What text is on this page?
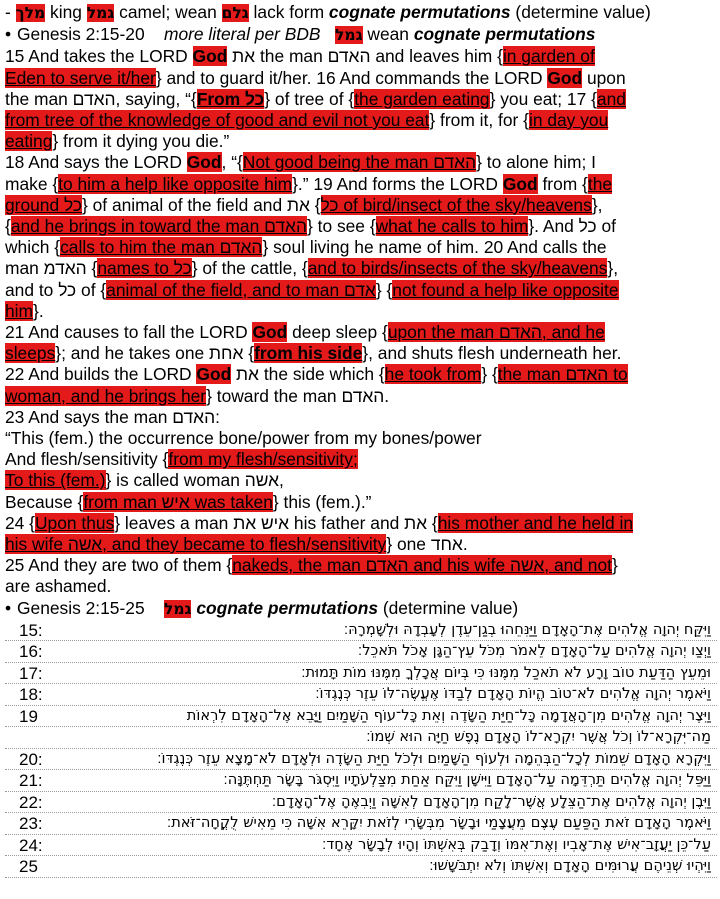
- מלך king גמל camel; wean גלם lack form cognate permutations (determine value)
• Genesis 2:15-20 more literal per BDB גמל wean cognate permutations
15 And takes the LORD God את the man האדם and leaves him {in garden of
Eden to serve it/her} and to guard it/her. 16 And commands the LORD God upon
the man האדם, saying, “{From כל} of tree of {the garden eating} you eat; 17 {and
from tree of the knowledge of good and evil not you eat} from it, for {in day you
eating} from it dying you die.”
18 And says the LORD God, “{Not good being the man האדם} to alone him; I
make {to him a help like opposite him}.” 19 And forms the LORD God from {the
ground כל} of animal of the field and את {כל of bird/insect of the sky/heavens},
{and he brings in toward the man האדם} to see {what he calls to him}. And כל of
which {calls to him the man האדם} soul living he name of him. 20 And calls the
man האדמ {names to כל} of the cattle, {and to birds/insects of the sky/heavens},
and to כל of {animal of the field, and to man אדם} {not found a help like opposite
him}.
21 And causes to fall the LORD God deep sleep {upon the man האדם, and he
sleeps}; and he takes one אחת {from his side}, and shuts flesh underneath her.
22 And builds the LORD God את the side which {he took from} {the man האדם to
woman, and he brings her} toward the man האדם.
23 And says the man האדם:
“This (fem.) the occurrence bone/power from my bones/power
And flesh/sensitivity {from my flesh/sensitivity;
To this (fem.)} is called woman אשה,
Because {from man איש was taken} this (fem.).”
24 {Upon thus} leaves a man איש את his father and את {his mother and he held in
his wife אשה, and they became to flesh/sensitivity} one אחד.
25 And they are two of them {nakeds, the man האדם and his wife אשה, and not}
are ashamed.
• Genesis 2:15-25 גמל cognate permutations (determine value)
15:	וַיִּקַּח יְהוָה אֱלֹהִים אֶת־הָאָדָם וַיַּנִּחֵהוּ בְגַן־עֵדֶן לְעָבְדָהּ וּלְשָׁמְרָהּ׃
16:	וַיְצַו יְהוָה אֱלֹהִים עַל־הָאָדָם לֵאמֹר מִכֹּל עֵץ־הַגָּן אָכֹל תֹּאכֵל׃
17:	וּמֵעֵץ הַדַּעַת טוֹב וָרָע לֹא תֹאכַל מִמֶּנּוּ כִּי בְּיוֹם אֲכָלְךָ מִמֶּנּוּ מוֹת תָּמוּת׃
18:	וַיֹּאמֶר יְהוָה אֱלֹהִים לֹא־טוֹב הֱיוֹת הָאָדָם לְבַדּוֹ אֶעֱשֶׂה־לּוֹ עֵזֶר כְּנֶגְדּוֹ׃
19	וַיִּצֶר יְהוָה אֱלֹהִים מִן־הָאֲדָמָה כָּל־חַיַּת הַשָּׂדֶה וְאֵת כָּל־עוֹף הַשָּׁמַיִם וַיָּבֵא אֶל־הָאָדָם לִרְאוֹת
מַה־יִּקְרָא־לוֹ וְכֹל אֲשֶׁר יִקְרָא־לוֹ הָאָדָם נֶפֶשׁ חַיָּה הוּא שְׁמוֹ׃
20:	וַיִּקְרָא הָאָדָם שֵׁמוֹת לְכָל־הַבְּהֵמָה וּלְעוֹף הַשָּׁמַיִם וּלְכֹל חַיַּת הַשָּׂדֶה וּלְאָדָם לֹא־מָצָא עֵזֶר כְּנֶגְדּוֹ׃
21:	וַיַּפֵּל יְהוָה אֱלֹהִים תַּרְדֵּמָה עַל־הָאָדָם וַיִּישָׁן וַיִּקַּח אַחַת מִצַּלְעֹתָיו וַיִּסְגֹּר בָּשָׂר תַּחְתֶּנָּה׃
22:	וַיִּבֶן יְהוָה אֱלֹהִים אֶת־הַצֵּלָע אֲשֶׁר־לָקַח מִן־הָאָדָם לְאִשָּׁה וַיְבִאֶהָ אֶל־הָאָדָם׃
23:	וַיֹּאמֶר הָאָדָם זֹאת הַפַּעַם עֶצֶם מֵעֲצָמַי וּבָשָׂר מִבְּשָׂרִי לְזֹאת יִקָּרֵא אִשָּׁה כִּי מֵאִישׁ לֻקֳחָה־זֹּאת׃
24:	עַל־כֵּן יַעֲזָב־אִישׁ אֶת־אָבִיו וְאֶת־אִמּוֹ וְדָבַק בְּאִשְׁתּוֹ וְהָיוּ לְבָשָׂר אֶחָד׃
25	וַיִּהְיוּ שְׁנֵיהֶם עֲרוּמִּים הָאָדָם וְאִשְׁתּוֹ וְלֹא יִתְבֹּשָׁשׁוּ׃
